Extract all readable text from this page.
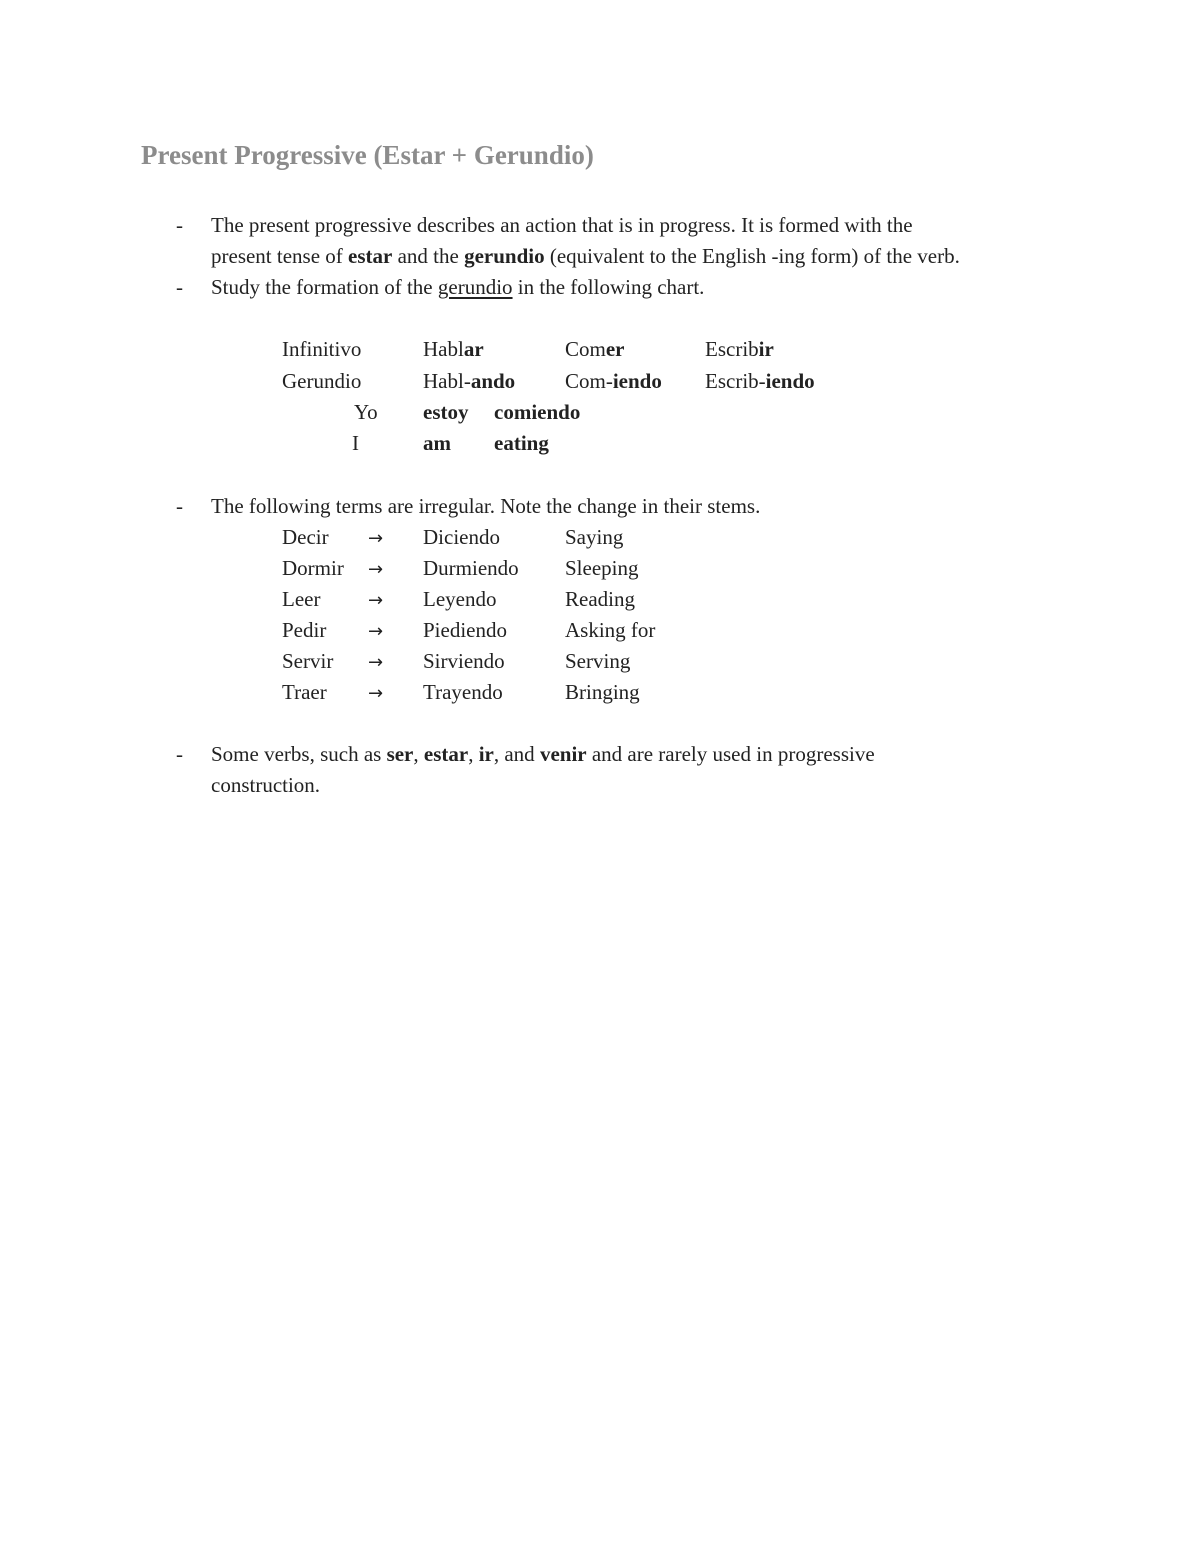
Present Progressive (Estar + Gerundio)
- The present progressive describes an action that is in progress. It is formed with the
present tense of estar and the gerundio (equivalent to the English -ing form) of the verb.
- Study the formation of the gerundio in the following chart.
Infinitivo	Hablar	Comer	Escribir
Gerundio	Habl-ando Com-iendo Escrib-iendo
Yo estoy comiendo
I	am eating
- The following terms are irregular. Note the change in their stems.
Decir → Diciendo	Saying
Dormir → Durmiendo Sleeping
Leer	→ Leyendo	Reading
Pedir → Piediendo	Asking for
Servir → Sirviendo	Serving
Traer → Trayendo	Bringing
- Some verbs, such as ser, estar, ir, and venir and are rarely used in progressive
construction.
